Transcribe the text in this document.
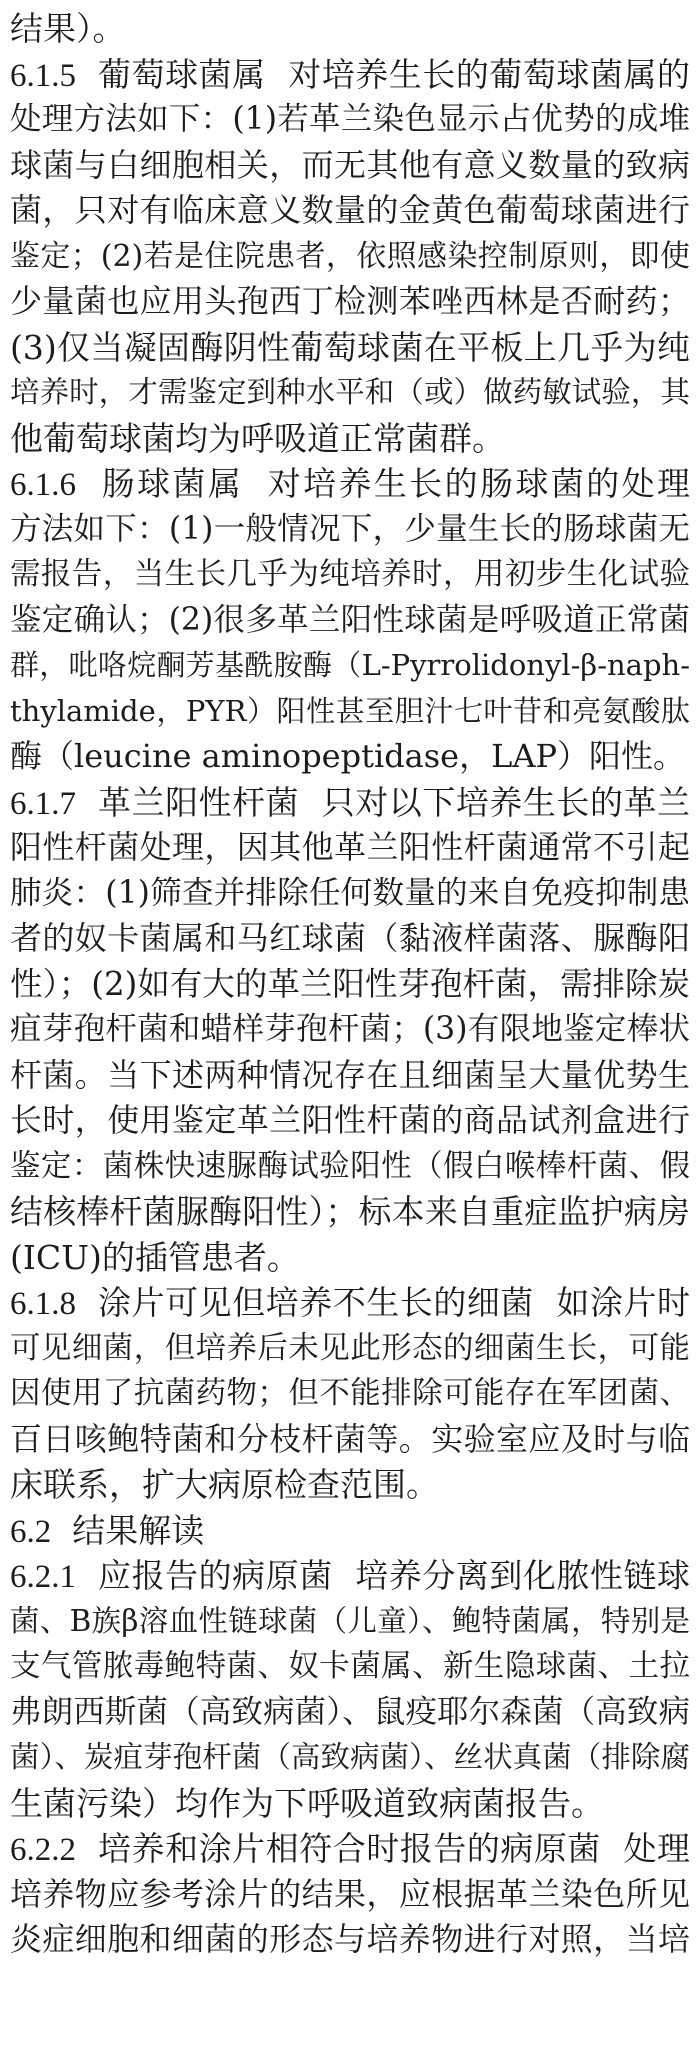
结果）。
6.1.5 葡萄球菌属 对培养生长的葡萄球菌属的
处理方法如下：(1)若革兰染色显示占优势的成堆
球菌与白细胞相关，而无其他有意义数量的致病
菌，只对有临床意义数量的金黄色葡萄球菌进行
鉴定；(2)若是住院患者，依照感染控制原则，即使
少量菌也应用头孢西丁检测苯唑西林是否耐药；
(3)仅当凝固酶阴性葡萄球菌在平板上几乎为纯
培养时，才需鉴定到种水平和（或）做药敏试验，其
他葡萄球菌均为呼吸道正常菌群。
6.1.6 肠球菌属 对培养生长的肠球菌的处理
方法如下：(1)一般情况下，少量生长的肠球菌无
需报告，当生长几乎为纯培养时，用初步生化试验
鉴定确认；(2)很多革兰阳性球菌是呼吸道正常菌
群，吡咯烷酮芳基酰胺酶（L-Pyrrolidonyl-β-naph-
thylamide，PYR）阳性甚至胆汁七叶苷和亮氨酸肽
酶（leucine aminopeptidase，LAP）阳性。
6.1.7 革兰阳性杆菌 只对以下培养生长的革兰
阳性杆菌处理，因其他革兰阳性杆菌通常不引起
肺炎：(1)筛查并排除任何数量的来自免疫抑制患
者的奴卡菌属和马红球菌（黏液样菌落、脲酶阳
性）；(2)如有大的革兰阳性芽孢杆菌，需排除炭
疽芽孢杆菌和蜡样芽孢杆菌；(3)有限地鉴定棒状
杆菌。当下述两种情况存在且细菌呈大量优势生
长时，使用鉴定革兰阳性杆菌的商品试剂盒进行
鉴定：菌株快速脲酶试验阳性（假白喉棒杆菌、假
结核棒杆菌脲酶阳性）；标本来自重症监护病房
(ICU)的插管患者。
6.1.8 涂片可见但培养不生长的细菌 如涂片时
可见细菌，但培养后未见此形态的细菌生长，可能
因使用了抗菌药物；但不能排除可能存在军团菌、
百日咳鲍特菌和分枝杆菌等。实验室应及时与临
床联系，扩大病原检查范围。
6.2 结果解读
6.2.1 应报告的病原菌 培养分离到化脓性链球
菌、B族β溶血性链球菌（儿童）、鲍特菌属，特别是
支气管脓毒鲍特菌、奴卡菌属、新生隐球菌、土拉
弗朗西斯菌（高致病菌）、鼠疫耶尔森菌（高致病
菌）、炭疽芽孢杆菌（高致病菌）、丝状真菌（排除腐
生菌污染）均作为下呼吸道致病菌报告。
6.2.2 培养和涂片相符合时报告的病原菌 处理
培养物应参考涂片的结果，应根据革兰染色所见
炎症细胞和细菌的形态与培养物进行对照，当培
